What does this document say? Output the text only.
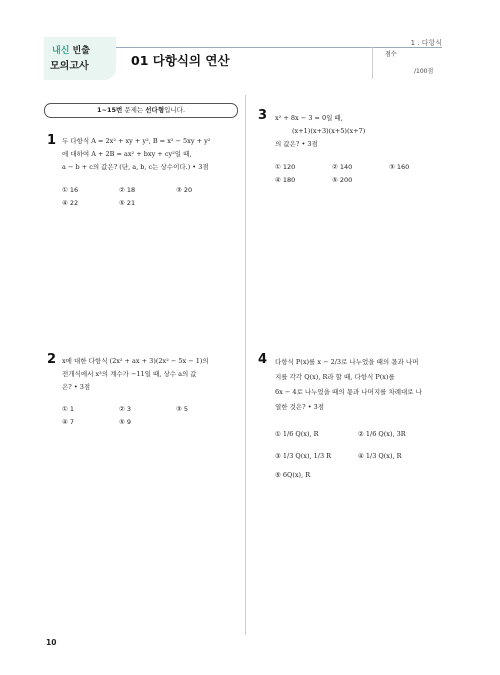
1 . 다항식
내신 빈출
모의고사	01 다항식의 연산	점수
/100점
1~15번 문제는 선다형입니다.
1 두 다항식 A = 2x² + xy + y², B = x² − 5xy + y²
에 대하여 A + 2B = ax² + bxy + cy²일 때,
a − b + c의 값은? (단, a, b, c는 상수이다.) • 3점
① 16	② 18	③ 20
④ 22	⑤ 21
2 x에 대한 다항식 (2x² + ax + 3)(2x² − 5x − 1)의
전개식에서 x³의 계수가 −11일 때, 상수 a의 값
은? • 3점
① 1	② 3	③ 5
④ 7	⑤ 9
3 x² + 8x − 3 = 0일 때,
(x+1)(x+3)(x+5)(x+7)
의 값은? • 3점
① 120	② 140	③ 160
④ 180	⑤ 200
4 다항식 P(x)를 x − 2/3로 나누었을 때의 몫과 나머
지를 각각 Q(x), R라 할 때, 다항식 P(x)를
6x − 4로 나누었을 때의 몫과 나머지를 차례대로 나
열한 것은? • 3점
① 1/6 Q(x), R	② 1/6 Q(x), 3R
③ 1/3 Q(x), 1/3 R	④ 1/3 Q(x), R
⑤ 6Q(x), R
10
